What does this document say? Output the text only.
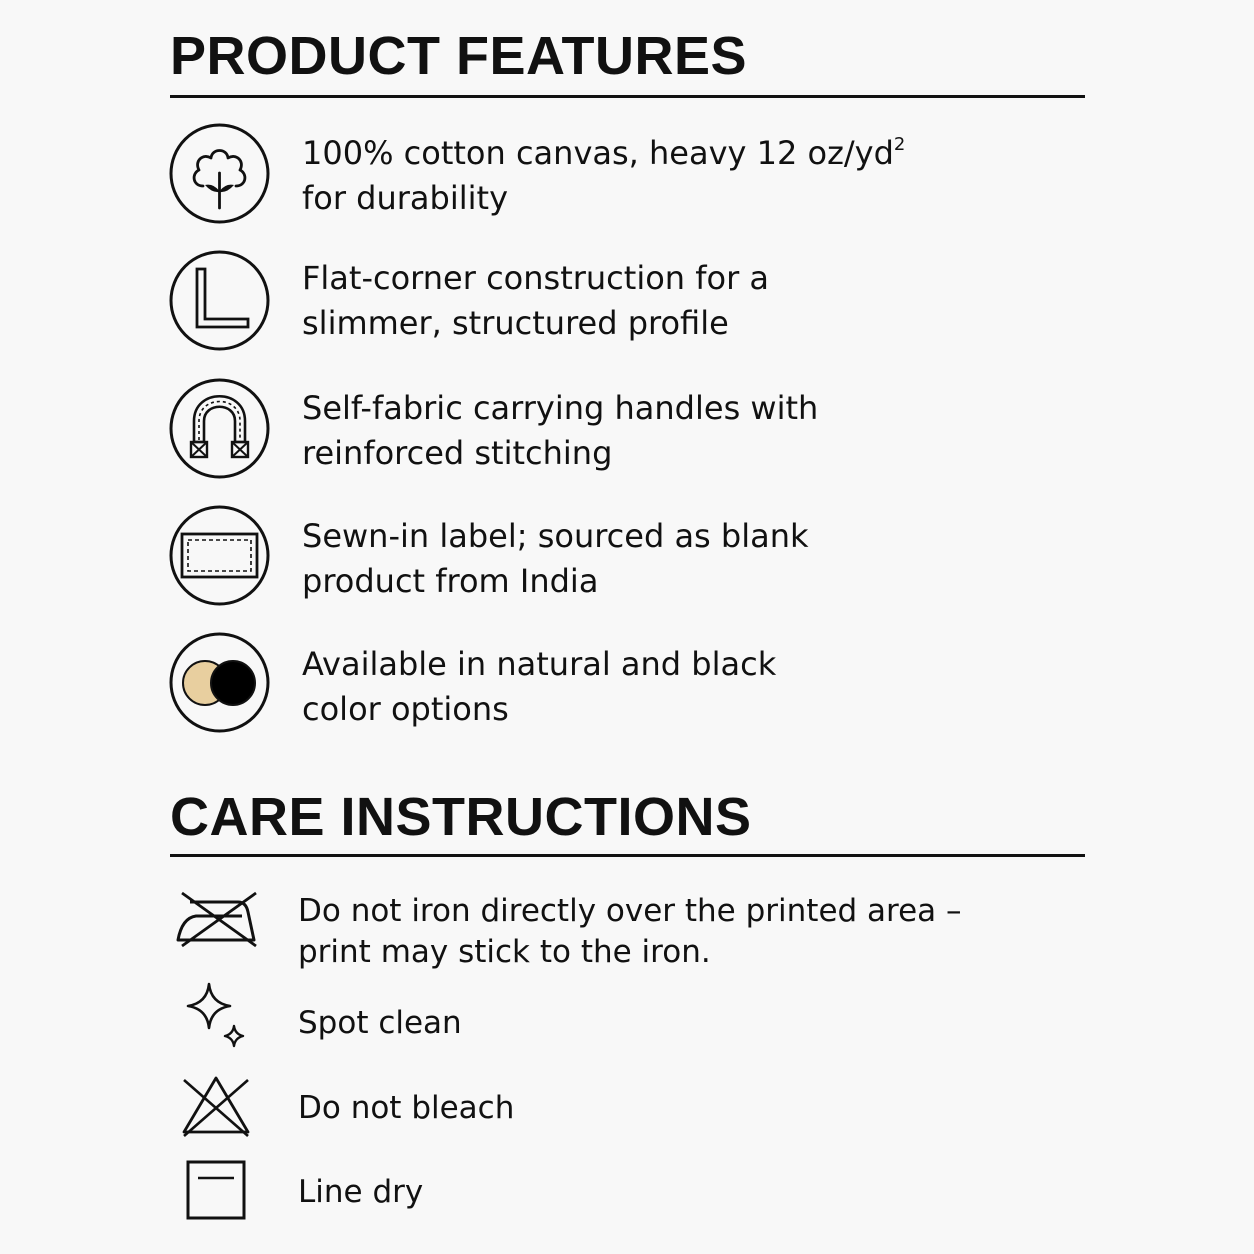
PRODUCT FEATURES
100% cotton canvas, heavy 12 $oz/yd^2$
for durability
Flat-corner construction for a
slimmer, structured profile
Self-fabric carrying handles with
reinforced stitching
Sewn-in label; sourced as blank
product from India
Available in natural and black
color options
CARE INSTRUCTIONS
Do not iron directly over the printed area –
print may stick to the iron.
Spot clean
Do not bleach
Line dry
